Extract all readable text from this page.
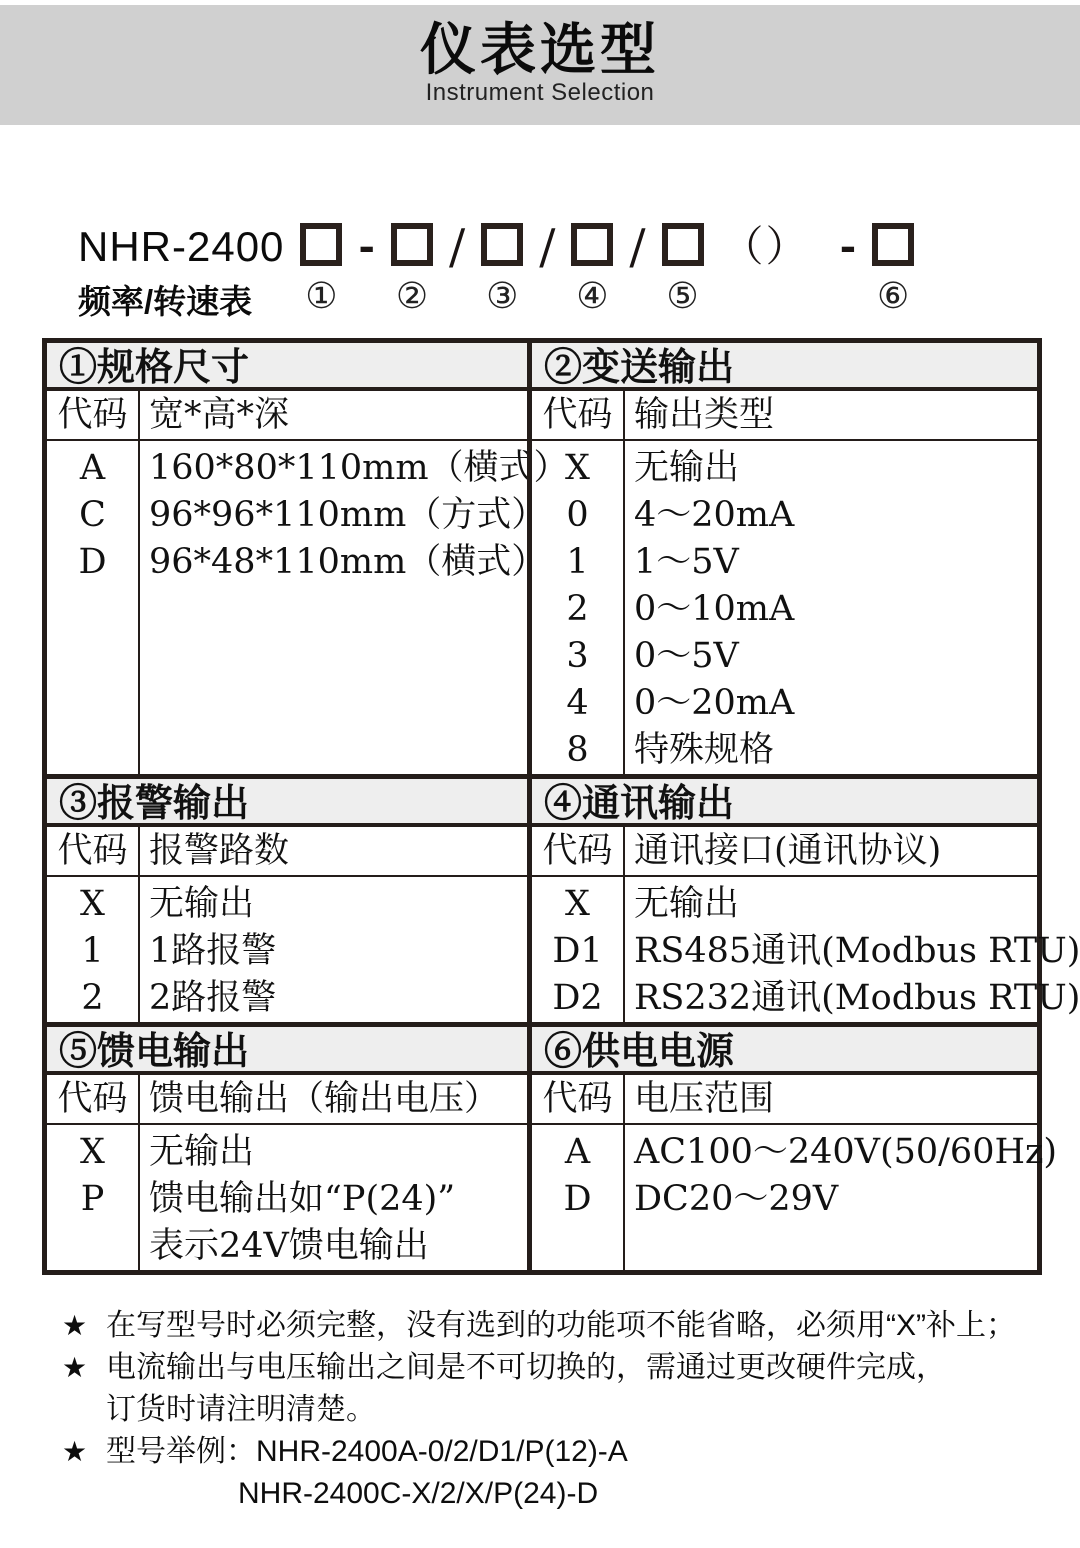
仪表选型
Instrument Selection
NHR-2400
频率/转速表	①
-
②
/
③
/
④
/
⑤
（） -
⑥
①规格尺寸
代码 宽*高*深
A
C
D
160*80*110mm（横式）
96*96*110mm（方式）
96*48*110mm（横式）
②变送输出
代码 输出类型
X
0
1
2
3
4
8
无输出
4～20mA
1～5V
0～10mA
0～5V
0～20mA
特殊规格
③报警输出
代码 报警路数
X
1
2
无输出
1路报警
2路报警
④通讯输出
代码 通讯接口(通讯协议)
X
D1
D2
无输出
RS485通讯(Modbus RTU)
RS232通讯(Modbus RTU)
⑤馈电输出
代码 馈电输出（输出电压）
X
P
无输出
馈电输出如“P(24)”
表示24V馈电输出
⑥供电电源
代码 电压范围
A
D
AC100～240V(50/60Hz)
DC20～29V
★ 在写型号时必须完整，没有选到的功能项不能省略，必须用“X”补上；
★ 电流输出与电压输出之间是不可切换的，需通过更改硬件完成，
订货时请注明清楚。
★ 型号举例：NHR-2400A-0/2/D1/P(12)-A
NHR-2400C-X/2/X/P(24)-D
